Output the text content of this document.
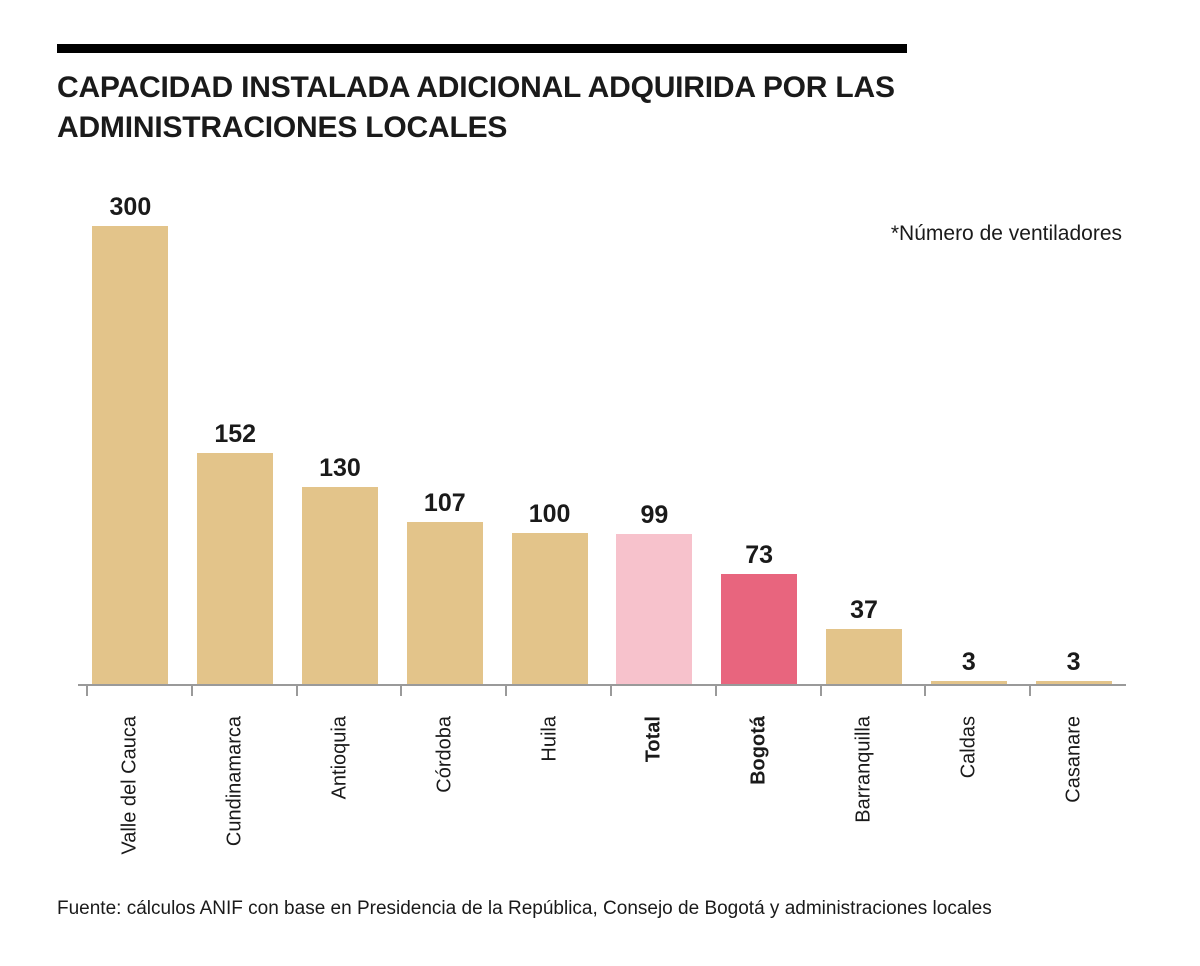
CAPACIDAD INSTALADA ADICIONAL ADQUIRIDA POR LAS ADMINISTRACIONES LOCALES
*Número de ventiladores
300
152
130
107	100	99
73
37
3	3
Valle del Cauca	Cundinamarca	Antioquia	Córdoba	Huila	Total	Bogotá	Barranquilla	Caldas	Casanare
Fuente: cálculos ANIF con base en Presidencia de la República, Consejo de Bogotá y administraciones locales
